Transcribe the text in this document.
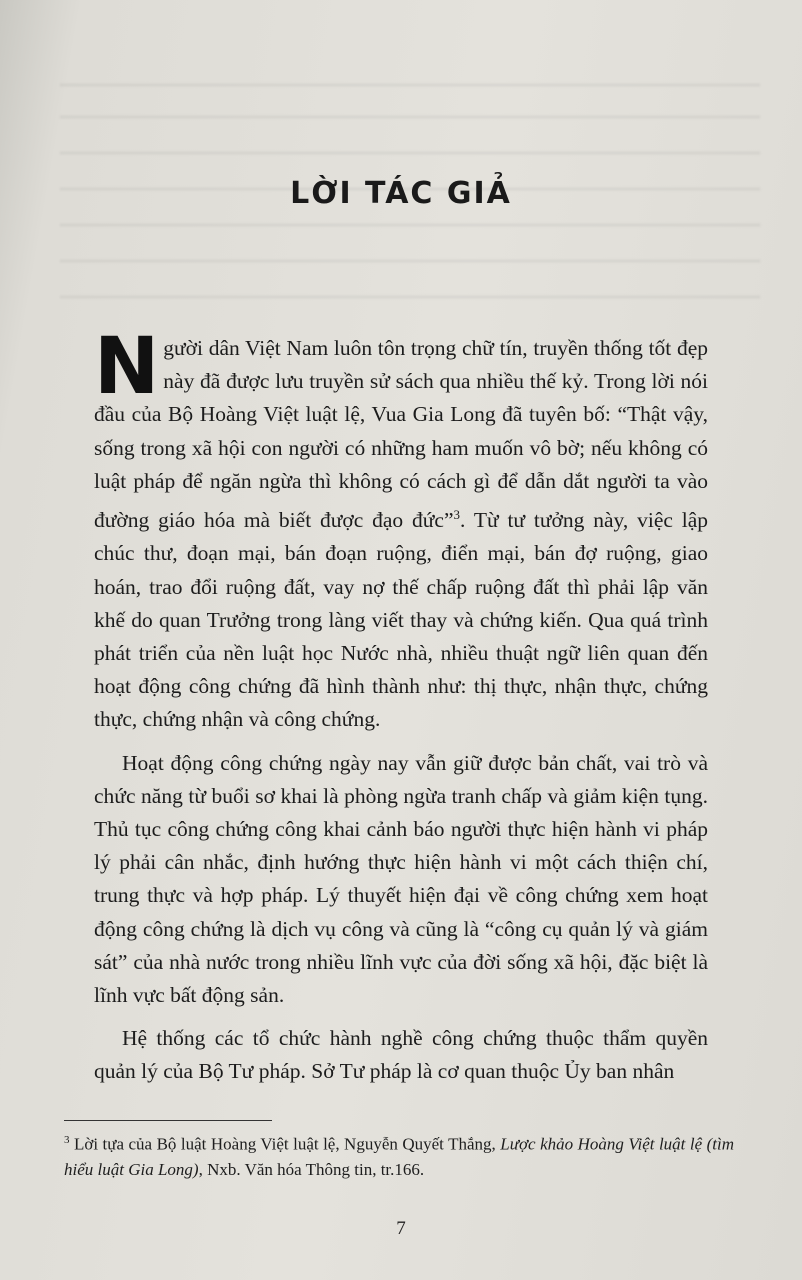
LỜI TÁC GIẢ

Người dân Việt Nam luôn tôn trọng chữ tín, truyền thống tốt đẹp này đã được lưu truyền sử sách qua nhiều thế kỷ. Trong lời nói đầu của Bộ Hoàng Việt luật lệ, Vua Gia Long đã tuyên bố: “Thật vậy, sống trong xã hội con người có những ham muốn vô bờ; nếu không có luật pháp để ngăn ngừa thì không có cách gì để dẫn dắt người ta vào đường giáo hóa mà biết được đạo đức”$^3$. Từ tư tưởng này, việc lập chúc thư, đoạn mại, bán đoạn ruộng, điển mại, bán đợ ruộng, giao hoán, trao đổi ruộng đất, vay nợ thế chấp ruộng đất thì phải lập văn khế do quan Trưởng trong làng viết thay và chứng kiến. Qua quá trình phát triển của nền luật học Nước nhà, nhiều thuật ngữ liên quan đến hoạt động công chứng đã hình thành như: thị thực, nhận thực, chứng thực, chứng nhận và công chứng.

Hoạt động công chứng ngày nay vẫn giữ được bản chất, vai trò và chức năng từ buổi sơ khai là phòng ngừa tranh chấp và giảm kiện tụng. Thủ tục công chứng công khai cảnh báo người thực hiện hành vi pháp lý phải cân nhắc, định hướng thực hiện hành vi một cách thiện chí, trung thực và hợp pháp. Lý thuyết hiện đại về công chứng xem hoạt động công chứng là dịch vụ công và cũng là “công cụ quản lý và giám sát” của nhà nước trong nhiều lĩnh vực của đời sống xã hội, đặc biệt là lĩnh vực bất động sản.

Hệ thống các tổ chức hành nghề công chứng thuộc thẩm quyền quản lý của Bộ Tư pháp. Sở Tư pháp là cơ quan thuộc Ủy ban nhân

$^3$ Lời tựa của Bộ luật Hoàng Việt luật lệ, Nguyễn Quyết Thắng, Lược khảo Hoàng Việt luật lệ (tìm hiểu luật Gia Long), Nxb. Văn hóa Thông tin, tr.166.
7
